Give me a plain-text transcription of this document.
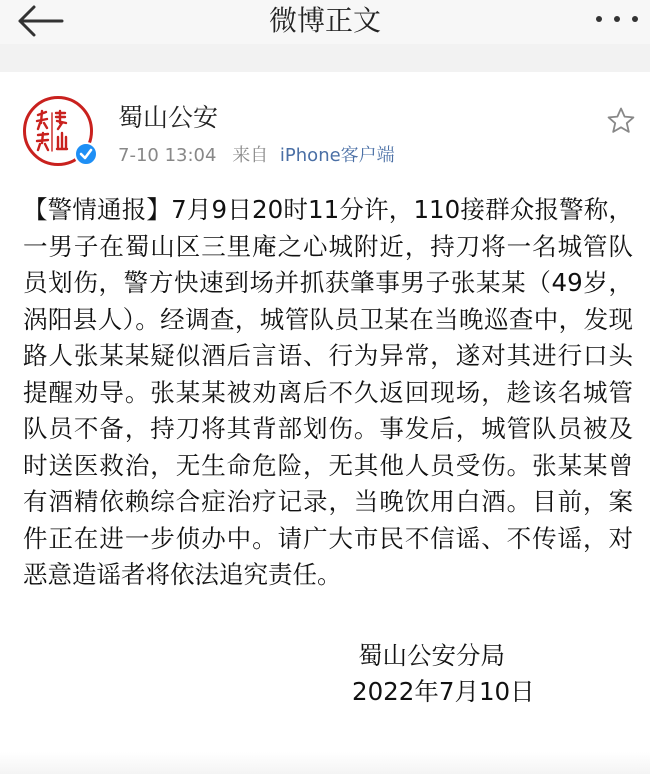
微博正文
蜀山公安
7-10 13:04 来自 iPhone客户端
【警情通报】7月9日20时11分许，110接群众报警称，一男子在蜀山区三里庵之心城附近，持刀将一名城管队员划伤，警方快速到场并抓获肇事男子张某某（49岁，涡阳县人）。经调查，城管队员卫某在当晚巡查中，发现路人张某某疑似酒后言语、行为异常，遂对其进行口头提醒劝导。张某某被劝离后不久返回现场，趁该名城管队员不备，持刀将其背部划伤。事发后，城管队员被及时送医救治，无生命危险，无其他人员受伤。张某某曾有酒精依赖综合症治疗记录，当晚饮用白酒。目前，案件正在进一步侦办中。请广大市民不信谣、不传谣，对恶意造谣者将依法追究责任。
蜀山公安分局
2022年7月10日
